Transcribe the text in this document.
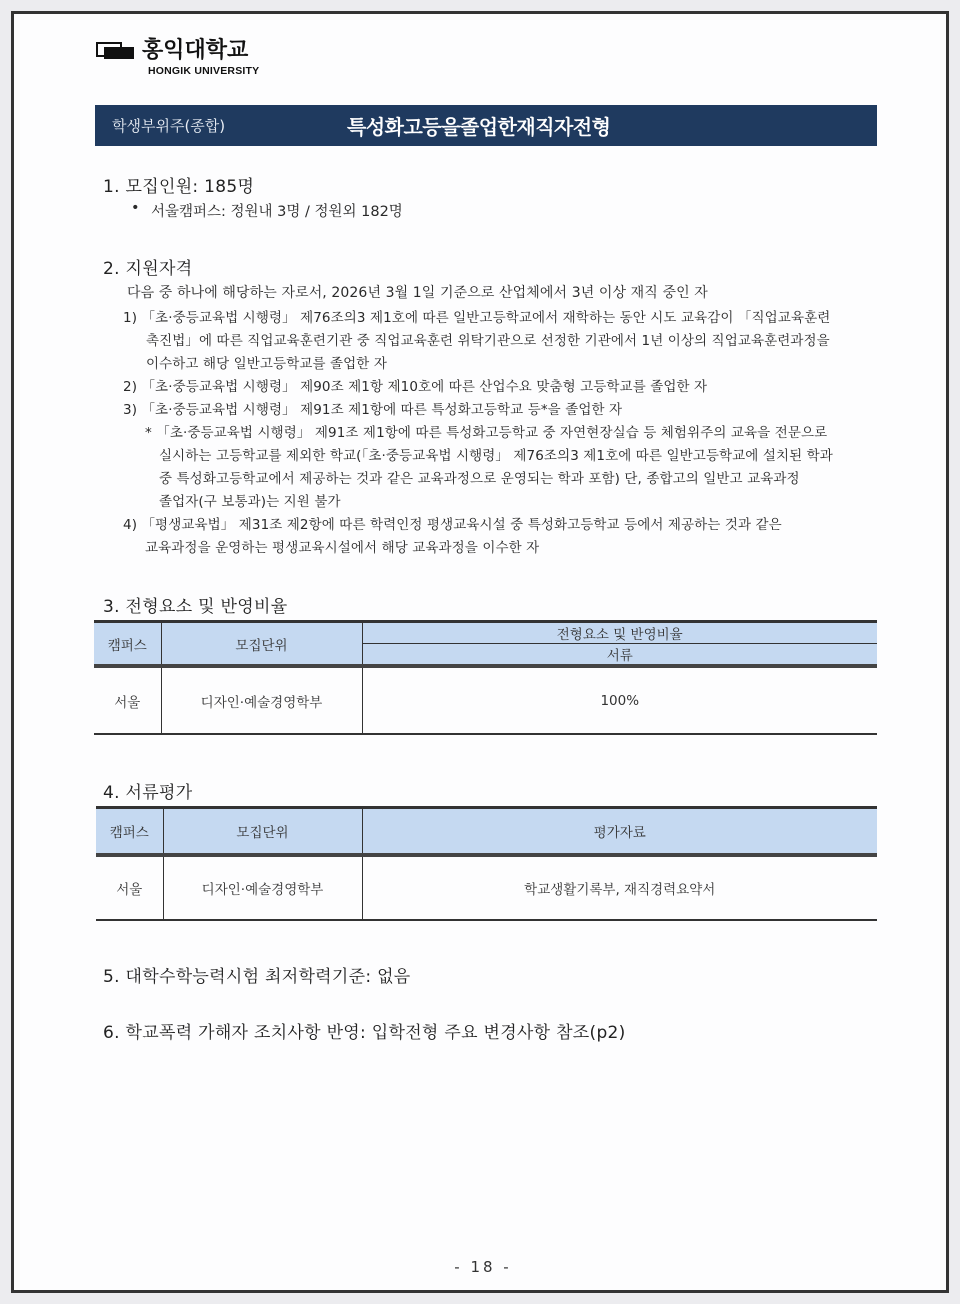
홍익대학교
HONGIK UNIVERSITY
학생부위주(종합)	특성화고등을졸업한재직자전형
1. 모집인원: 185명
• 서울캠퍼스: 정원내 3명 / 정원외 182명
2. 지원자격
다음 중 하나에 해당하는 자로서, 2026년 3월 1일 기준으로 산업체에서 3년 이상 재직 중인 자
1) 「초·중등교육법 시행령」 제76조의3 제1호에 따른 일반고등학교에서 재학하는 동안 시도 교육감이 「직업교육훈련
촉진법」에 따른 직업교육훈련기관 중 직업교육훈련 위탁기관으로 선정한 기관에서 1년 이상의 직업교육훈련과정을
이수하고 해당 일반고등학교를 졸업한 자
2) 「초·중등교육법 시행령」 제90조 제1항 제10호에 따른 산업수요 맞춤형 고등학교를 졸업한 자
3) 「초·중등교육법 시행령」 제91조 제1항에 따른 특성화고등학교 등*을 졸업한 자
* 「초·중등교육법 시행령」 제91조 제1항에 따른 특성화고등학교 중 자연현장실습 등 체험위주의 교육을 전문으로
실시하는 고등학교를 제외한 학교(「초·중등교육법 시행령」 제76조의3 제1호에 따른 일반고등학교에 설치된 학과
중 특성화고등학교에서 제공하는 것과 같은 교육과정으로 운영되는 학과 포함) 단, 종합고의 일반고 교육과정
졸업자(구 보통과)는 지원 불가
4) 「평생교육법」 제31조 제2항에 따른 학력인정 평생교육시설 중 특성화고등학교 등에서 제공하는 것과 같은
교육과정을 운영하는 평생교육시설에서 해당 교육과정을 이수한 자
3. 전형요소 및 반영비율
캠퍼스	모집단위	전형요소 및 반영비율
		서류
서울	디자인·예술경영학부	100%
4. 서류평가
캠퍼스	모집단위	평가자료
서울	디자인·예술경영학부	학교생활기록부, 재직경력요약서
5. 대학수학능력시험 최저학력기준: 없음
6. 학교폭력 가해자 조치사항 반영: 입학전형 주요 변경사항 참조(p2)
- 18 -
